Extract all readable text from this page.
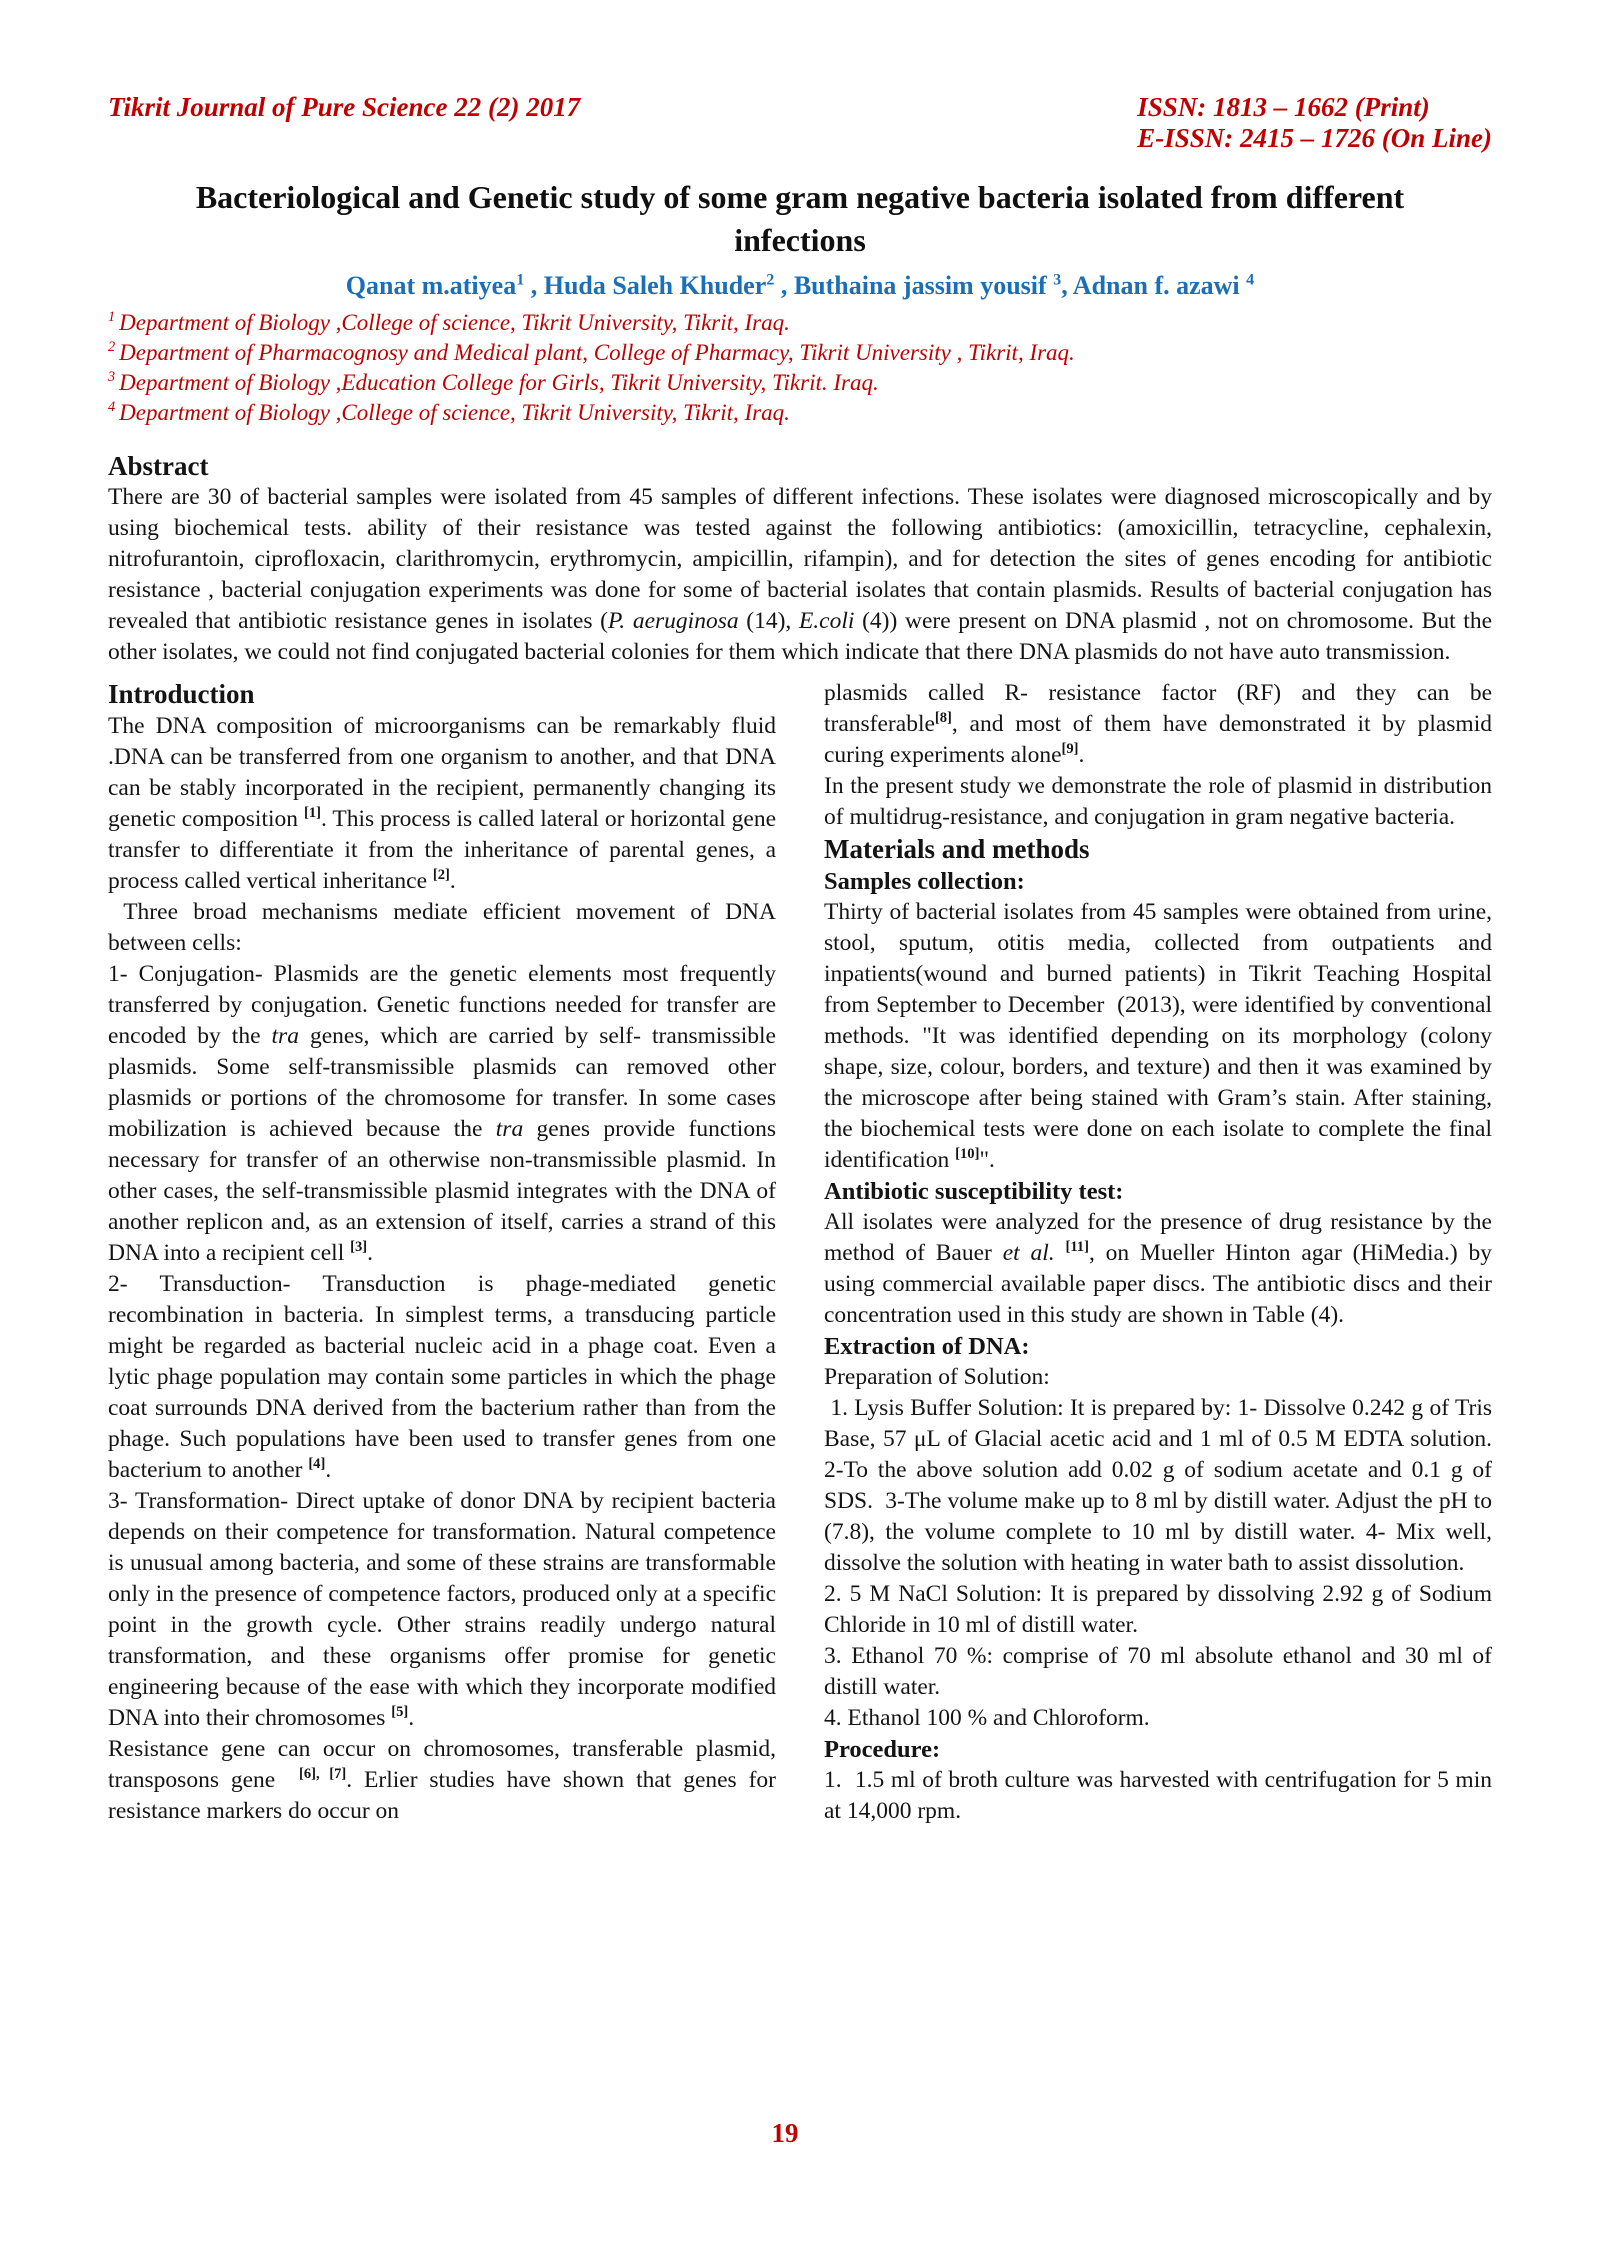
Tikrit Journal of Pure Science 22 (2) 2017	ISSN: 1813 – 1662 (Print)
E-ISSN: 2415 – 1726 (On Line)
Bacteriological and Genetic study of some gram negative bacteria isolated from different infections
Qanat m.atiyea$^1$ , Huda Saleh Khuder$^2$ , Buthaina jassim yousif $^3$, Adnan f. azawi $^4$
$^1$ Department of Biology ,College of science, Tikrit University, Tikrit, Iraq.
$^2$ Department of Pharmacognosy and Medical plant, College of Pharmacy, Tikrit University , Tikrit, Iraq.
$^3$ Department of Biology ,Education College for Girls, Tikrit University, Tikrit. Iraq.
$^4$ Department of Biology ,College of science, Tikrit University, Tikrit, Iraq.
Abstract
There are 30 of bacterial samples were isolated from 45 samples of different infections. These isolates were diagnosed microscopically and by using biochemical tests. ability of their resistance was tested against the following antibiotics: (amoxicillin, tetracycline, cephalexin, nitrofurantoin, ciprofloxacin, clarithromycin, erythromycin, ampicillin, rifampin), and for detection the sites of genes encoding for antibiotic resistance , bacterial conjugation experiments was done for some of bacterial isolates that contain plasmids. Results of bacterial conjugation has revealed that antibiotic resistance genes in isolates (P. aeruginosa (14), E.coli (4)) were present on DNA plasmid , not on chromosome. But the other isolates, we could not find conjugated bacterial colonies for them which indicate that there DNA plasmids do not have auto transmission.
Introduction
The DNA composition of microorganisms can be remarkably fluid .DNA can be transferred from one organism to another, and that DNA can be stably incorporated in the recipient, permanently changing its genetic composition [1]. This process is called lateral or horizontal gene transfer to differentiate it from the inheritance of parental genes, a process called vertical inheritance [2].
Three broad mechanisms mediate efficient movement of DNA between cells:
1- Conjugation- Plasmids are the genetic elements most frequently transferred by conjugation. Genetic functions needed for transfer are encoded by the tra genes, which are carried by self- transmissible plasmids. Some self-transmissible plasmids can removed other plasmids or portions of the chromosome for transfer. In some cases mobilization is achieved because the tra genes provide functions necessary for transfer of an otherwise non-transmissible plasmid. In other cases, the self-transmissible plasmid integrates with the DNA of another replicon and, as an extension of itself, carries a strand of this DNA into a recipient cell [3].
2- Transduction- Transduction is phage-mediated genetic recombination in bacteria. In simplest terms, a transducing particle might be regarded as bacterial nucleic acid in a phage coat. Even a lytic phage population may contain some particles in which the phage coat surrounds DNA derived from the bacterium rather than from the phage. Such populations have been used to transfer genes from one bacterium to another [4].
3- Transformation- Direct uptake of donor DNA by recipient bacteria depends on their competence for transformation. Natural competence is unusual among bacteria, and some of these strains are transformable only in the presence of competence factors, produced only at a specific point in the growth cycle. Other strains readily undergo natural transformation, and these organisms offer promise for genetic engineering because of the ease with which they incorporate modified DNA into their chromosomes [5].
Resistance gene can occur on chromosomes, transferable plasmid, transposons gene  [6], [7]. Erlier studies have shown that genes for resistance markers do occur on
plasmids called R- resistance factor (RF) and they can be transferable[8], and most of them have demonstrated it by plasmid curing experiments alone[9].
In the present study we demonstrate the role of plasmid in distribution of multidrug-resistance, and conjugation in gram negative bacteria.
Materials and methods
Samples collection:
Thirty of bacterial isolates from 45 samples were obtained from urine, stool, sputum, otitis media, collected from outpatients and inpatients(wound and burned patients) in Tikrit Teaching Hospital from September to December  (2013), were identified by conventional methods. "It was identified depending on its morphology (colony shape, size, colour, borders, and texture) and then it was examined by the microscope after being stained with Gram’s stain. After staining, the biochemical tests were done on each isolate to complete the final identification [10]".
Antibiotic susceptibility test:
All isolates were analyzed for the presence of drug resistance by the method of Bauer et al. [11], on Mueller Hinton agar (HiMedia.) by using commercial available paper discs. The antibiotic discs and their concentration used in this study are shown in Table (4).
Extraction of DNA:
Preparation of Solution:
1. Lysis Buffer Solution: It is prepared by: 1- Dissolve 0.242 g of Tris Base, 57 μL of Glacial acetic acid and 1 ml of 0.5 M EDTA solution.  2-To the above solution add 0.02 g of sodium acetate and 0.1 g of SDS.  3-The volume make up to 8 ml by distill water. Adjust the pH to (7.8), the volume complete to 10 ml by distill water. 4- Mix well, dissolve the solution with heating in water bath to assist dissolution.
2. 5 M NaCl Solution: It is prepared by dissolving 2.92 g of Sodium Chloride in 10 ml of distill water.
3. Ethanol 70 %: comprise of 70 ml absolute ethanol and 30 ml of distill water.
4. Ethanol 100 % and Chloroform.
Procedure:
1.  1.5 ml of broth culture was harvested with centrifugation for 5 min at 14,000 rpm.
19
